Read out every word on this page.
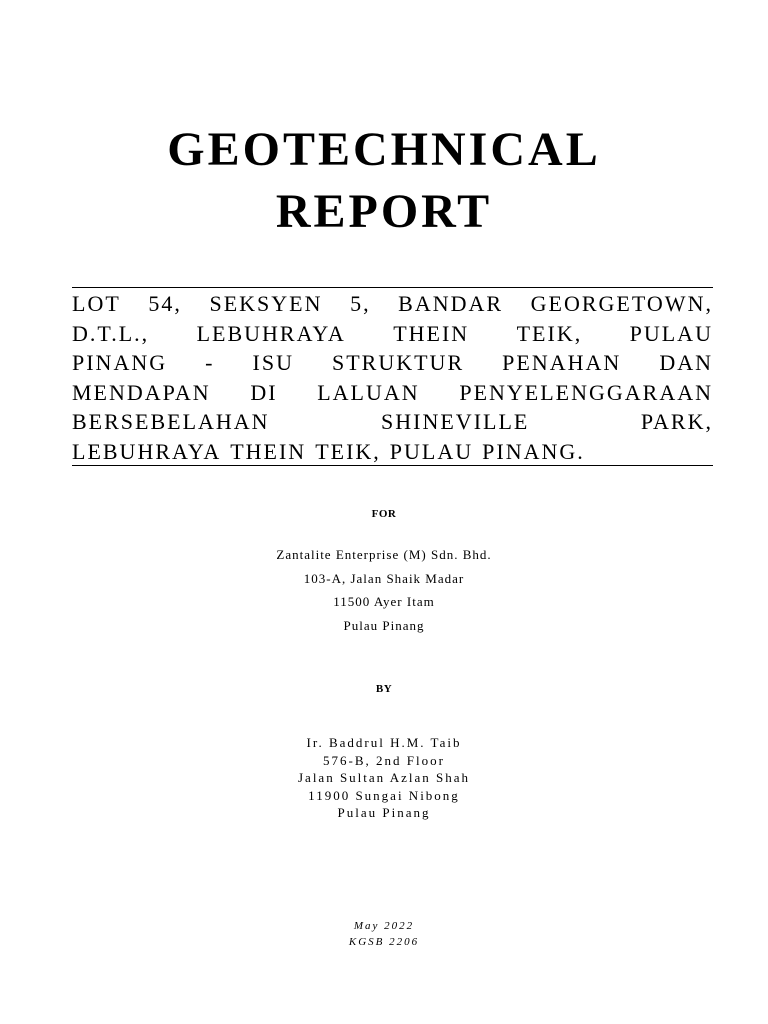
GEOTECHNICAL
REPORT
LOT 54, SEKSYEN 5, BANDAR GEORGETOWN,
D.T.L., LEBUHRAYA THEIN TEIK, PULAU
PINANG - ISU STRUKTUR PENAHAN DAN
MENDAPAN DI LALUAN PENYELENGGARAAN
BERSEBELAHAN	SHINEVILLE	PARK,
LEBUHRAYA THEIN TEIK, PULAU PINANG.
FOR
Zantalite Enterprise (M) Sdn. Bhd.
103-A, Jalan Shaik Madar
11500 Ayer Itam
Pulau Pinang
BY
Ir. Baddrul H.M. Taib
576-B, 2nd Floor
Jalan Sultan Azlan Shah
11900 Sungai Nibong
Pulau Pinang
May 2022
KGSB 2206
